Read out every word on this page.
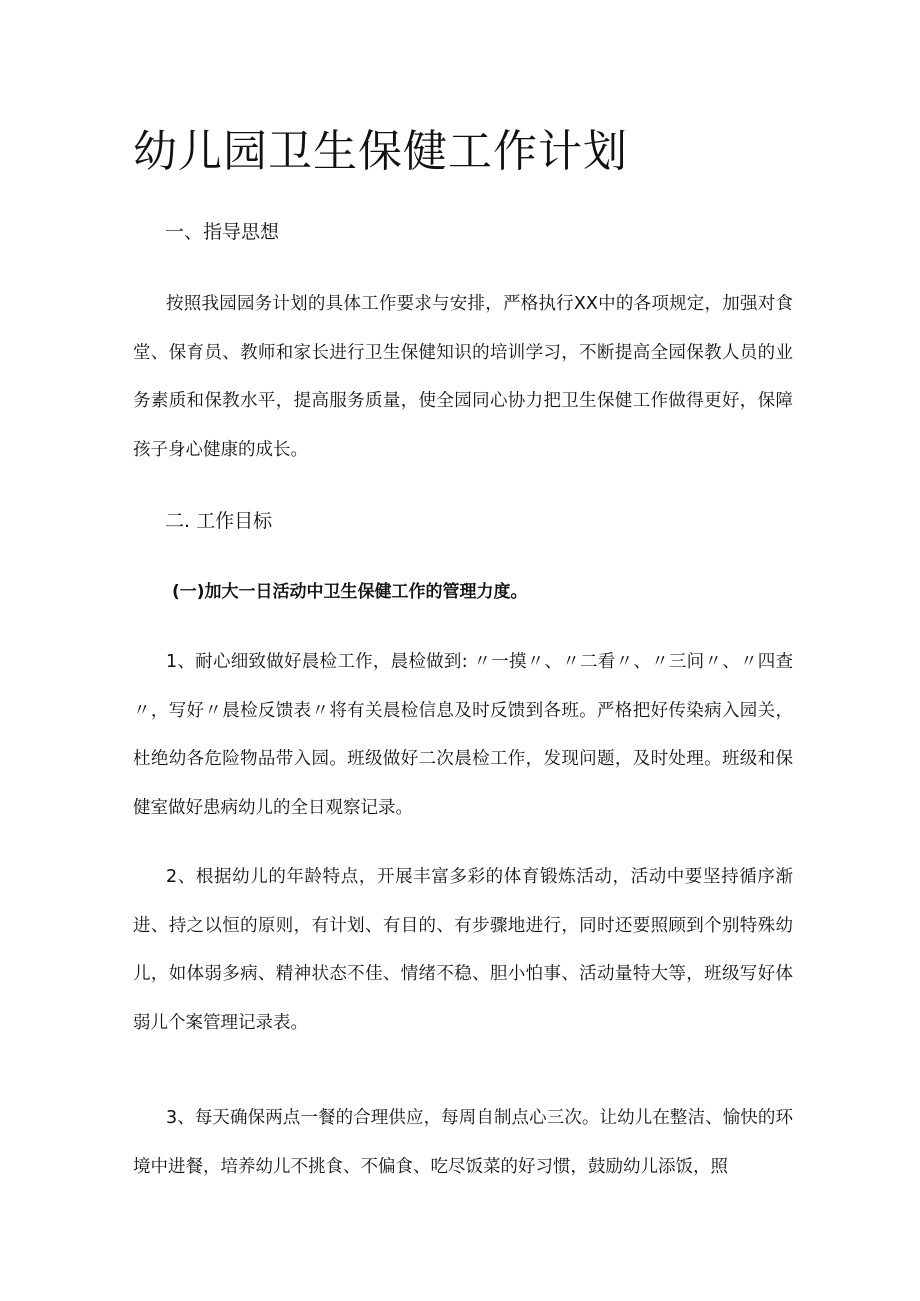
幼儿园卫生保健工作计划
一、指导思想

按照我园园务计划的具体工作要求与安排，严格执行XX中的各项规定，加强对食堂、保育员、教师和家长进行卫生保健知识的培训学习，不断提高全园保教人员的业务素质和保教水平，提高服务质量，使全园同心协力把卫生保健工作做得更好，保障孩子身心健康的成长。

二. 工作目标
(一)加大一日活动中卫生保健工作的管理力度。

1、耐心细致做好晨检工作，晨检做到: 〃一摸〃、〃二看〃、〃三问〃、〃四查〃，写好〃晨检反馈表〃将有关晨检信息及时反馈到各班。严格把好传染病入园关，杜绝幼各危险物品带入园。班级做好二次晨检工作，发现问题，及时处理。班级和保健室做好患病幼儿的全日观察记录。

2、根据幼儿的年龄特点，开展丰富多彩的体育锻炼活动，活动中要坚持循序渐进、持之以恒的原则，有计划、有目的、有步骤地进行，同时还要照顾到个别特殊幼儿，如体弱多病、精神状态不佳、情绪不稳、胆小怕事、活动量特大等，班级写好体弱儿个案管理记录表。

3、每天确保两点一餐的合理供应，每周自制点心三次。让幼儿在整洁、愉快的环境中进餐，培养幼儿不挑食、不偏食、吃尽饭菜的好习惯，鼓励幼儿添饭，照
